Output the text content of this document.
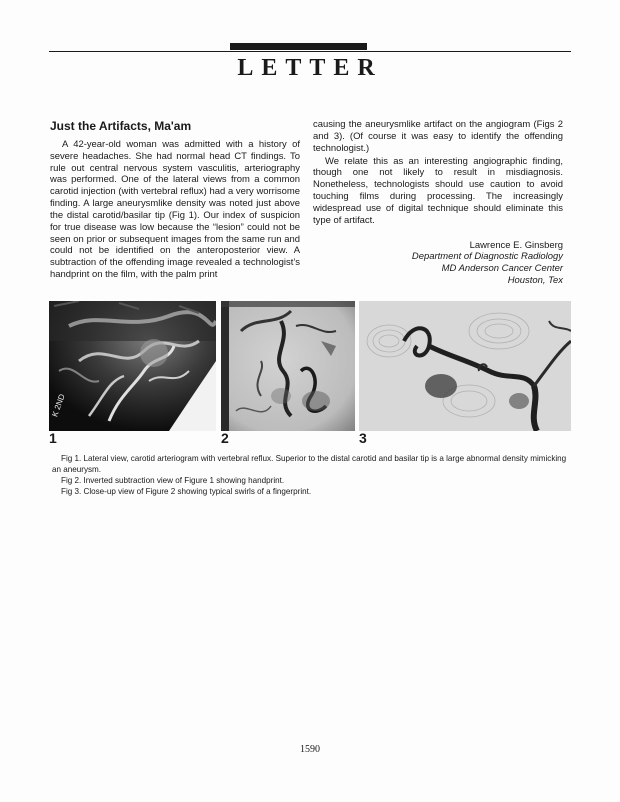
LETTER
Just the Artifacts, Ma'am

A 42-year-old woman was admitted with a history of severe headaches. She had normal head CT findings. To rule out central nervous system vasculitis, arteriography was performed. One of the lateral views from a common carotid injection (with vertebral reflux) had a very worrisome finding. A large aneurysmlike density was noted just above the distal carotid/basilar tip (Fig 1). Our index of suspicion for true disease was low because the “lesion” could not be seen on prior or subsequent images from the same run and could not be identified on the anteroposterior view. A subtraction of the offending image revealed a technologist’s handprint on the film, with the palm print

causing the aneurysmlike artifact on the angiogram (Figs 2 and 3). (Of course it was easy to identify the offending technologist.)

We relate this as an interesting angiographic finding, though one not likely to result in misdiagnosis. Nonetheless, technologists should use caution to avoid touching films during processing. The increasingly widespread use of digital technique should eliminate this type of artifact.

Lawrence E. Ginsberg
Department of Diagnostic Radiology
MD Anderson Cancer Center
Houston, Tex
K 2ND
1	2	3

Fig 1. Lateral view, carotid arteriogram with vertebral reflux. Superior to the distal carotid and basilar tip is a large abnormal density mimicking an aneurysm.

Fig 2. Inverted subtraction view of Figure 1 showing handprint.

Fig 3. Close-up view of Figure 2 showing typical swirls of a fingerprint.

1590
